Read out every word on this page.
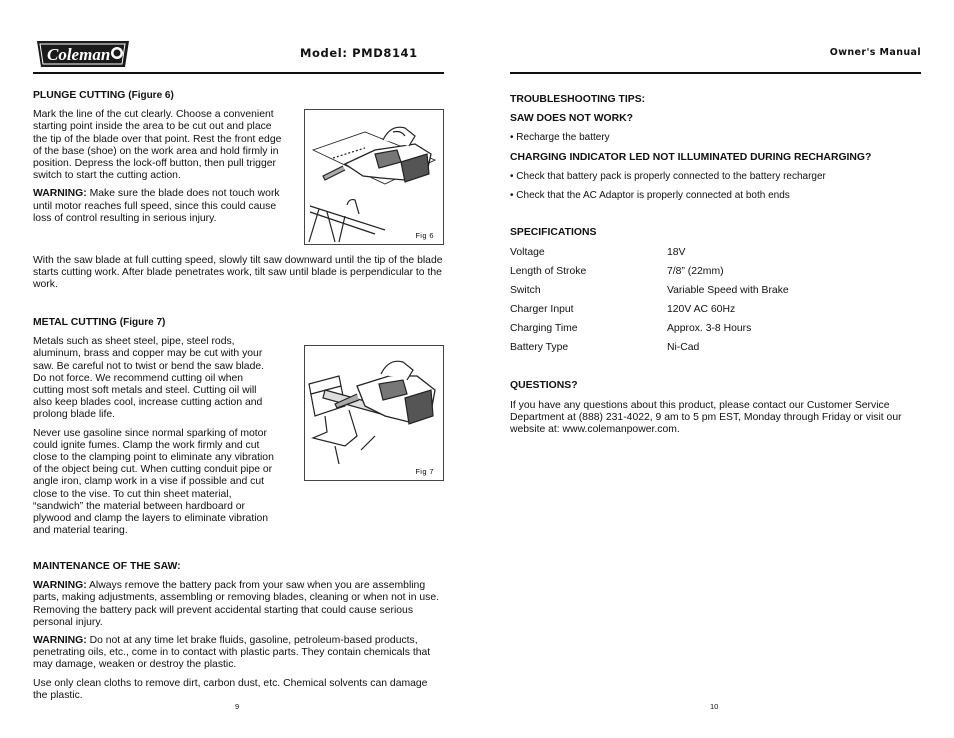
Coleman	Model: PMD8141	Owner's Manual
Fig 6
Fig 7
PLUNGE CUTTING (Figure 6)

Mark the line of the cut clearly. Choose a convenient starting point inside the area to be cut out and place the tip of the blade over that point. Rest the front edge of the base (shoe) on the work area and hold firmly in position. Depress the lock-off button, then pull trigger switch to start the cutting action.

WARNING: Make sure the blade does not touch work until motor reaches full speed, since this could cause loss of control resulting in serious injury.

With the saw blade at full cutting speed, slowly tilt saw downward until the tip of the blade starts cutting work. After blade penetrates work, tilt saw until blade is perpendicular to the work.

METAL CUTTING (Figure 7)

Metals such as sheet steel, pipe, steel rods, aluminum, brass and copper may be cut with your saw. Be careful not to twist or bend the saw blade. Do not force. We recommend cutting oil when cutting most soft metals and steel. Cutting oil will also keep blades cool, increase cutting action and prolong blade life.

Never use gasoline since normal sparking of motor could ignite fumes. Clamp the work firmly and cut close to the clamping point to eliminate any vibration of the object being cut. When cutting conduit pipe or angle iron, clamp work in a vise if possible and cut close to the vise. To cut thin sheet material, “sandwich” the material between hardboard or plywood and clamp the layers to eliminate vibration and material tearing.

MAINTENANCE OF THE SAW:

WARNING: Always remove the battery pack from your saw when you are assembling parts, making adjustments, assembling or removing blades, cleaning or when not in use. Removing the battery pack will prevent accidental starting that could cause serious personal injury.

WARNING: Do not at any time let brake fluids, gasoline, petroleum-based products, penetrating oils, etc., come in to contact with plastic parts. They contain chemicals that may damage, weaken or destroy the plastic.

Use only clean cloths to remove dirt, carbon dust, etc. Chemical solvents can damage the plastic.

9
TROUBLESHOOTING TIPS:
SAW DOES NOT WORK?

• Recharge the battery

CHARGING INDICATOR LED NOT ILLUMINATED DURING RECHARGING?

• Check that battery pack is properly connected to the battery recharger

• Check that the AC Adaptor is properly connected at both ends

SPECIFICATIONS
Voltage	18V
Length of Stroke	7/8” (22mm)
Switch	Variable Speed with Brake
Charger Input	120V AC 60Hz
Charging Time	Approx. 3-8 Hours
Battery Type	Ni-Cad
QUESTIONS?

If you have any questions about this product, please contact our Customer Service Department at (888) 231-4022, 9 am to 5 pm EST, Monday through Friday or visit our website at: www.colemanpower.com.

10
